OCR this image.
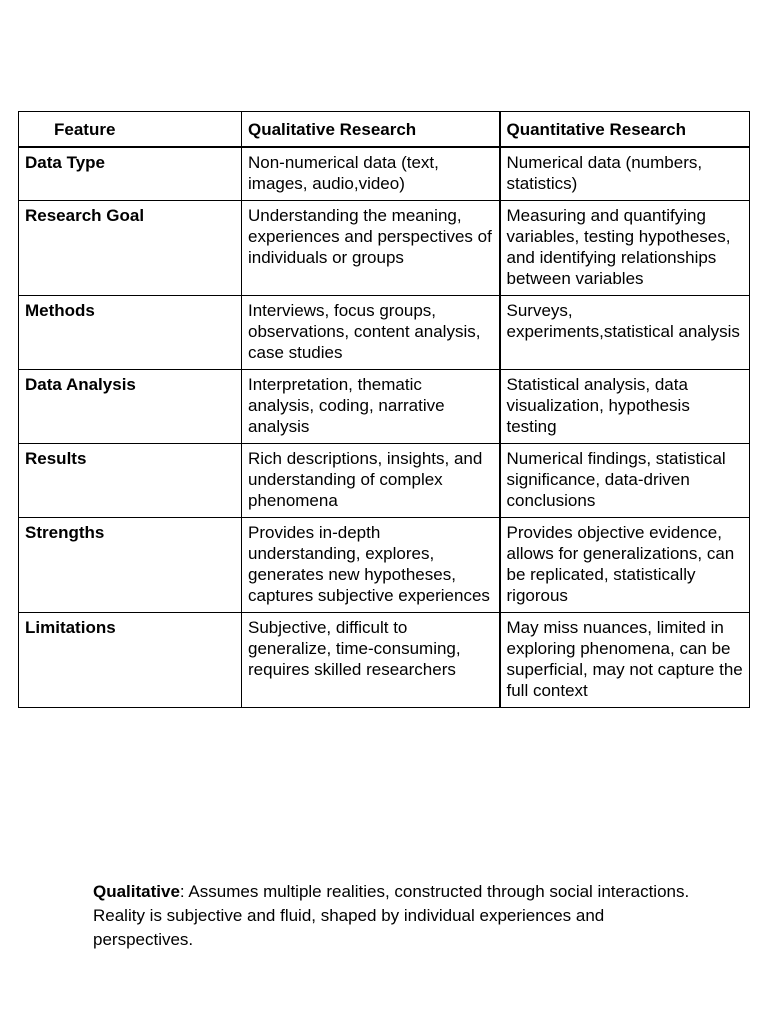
Feature	Qualitative Research	Quantitative Research
Data Type	Non-numerical data (text, images, audio,video)	Numerical data (numbers, statistics)
Research Goal	Understanding the meaning, experiences and perspectives of individuals or groups	Measuring and quantifying variables, testing hypotheses, and identifying relationships between variables
Methods	Interviews, focus groups, observations, content analysis, case studies	Surveys, experiments,statistical analysis
Data Analysis	Interpretation, thematic analysis, coding, narrative analysis	Statistical analysis, data visualization, hypothesis testing
Results	Rich descriptions, insights, and understanding of complex phenomena	Numerical findings, statistical significance, data-driven conclusions
Strengths	Provides in-depth understanding, explores, generates new hypotheses, captures subjective experiences	Provides objective evidence, allows for generalizations, can be replicated, statistically rigorous
Limitations	Subjective, difficult to generalize, time-consuming, requires skilled researchers	May miss nuances, limited in exploring phenomena, can be superficial, may not capture the full context

Qualitative: Assumes multiple realities, constructed through social interactions. Reality is subjective and fluid, shaped by individual experiences and perspectives.
